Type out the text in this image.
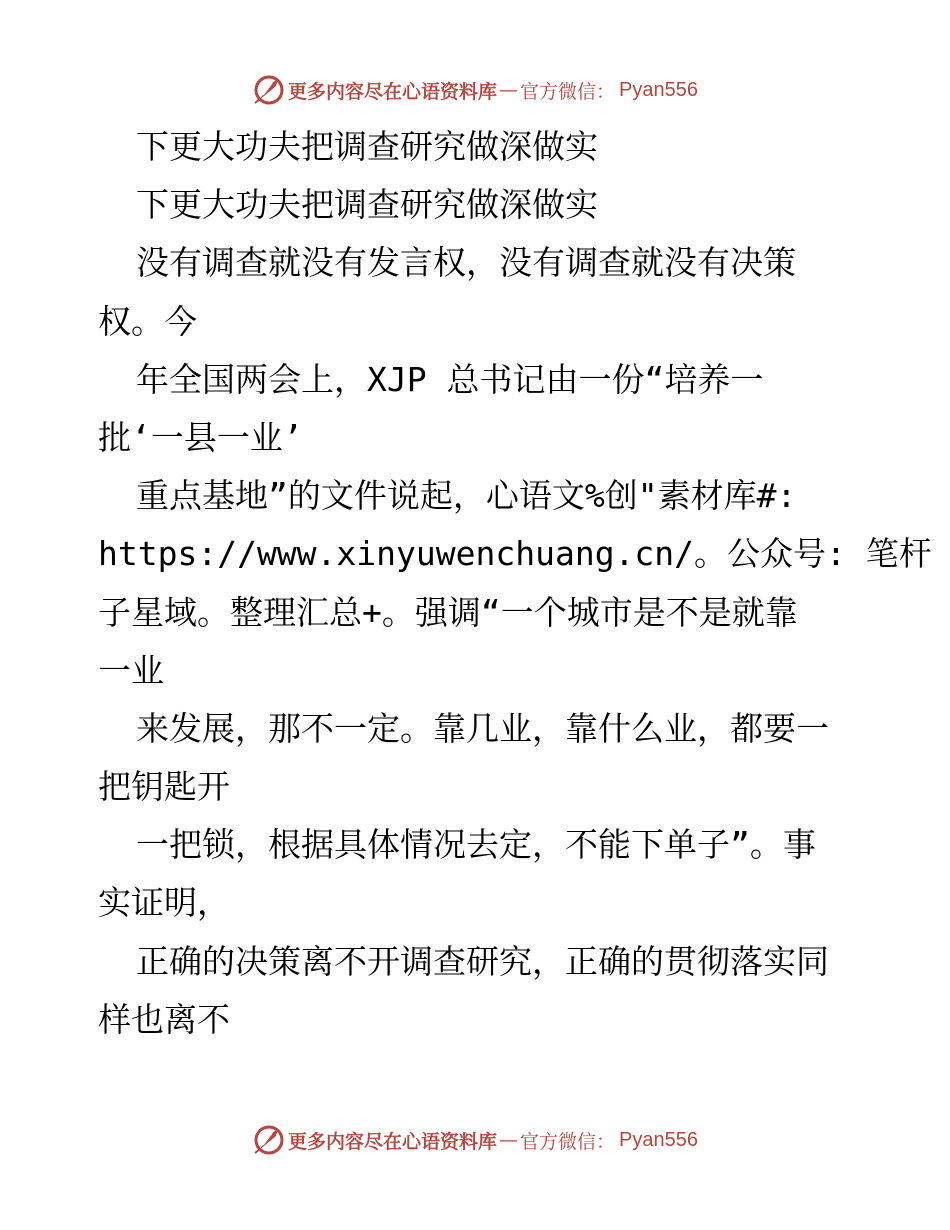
更多内容尽在心语资料库 — 官方微信： Pyan556
下更大功夫把调查研究做深做实
下更大功夫把调查研究做深做实
没有调查就没有发言权，没有调查就没有决策
权。今
年全国两会上，XJP 总书记由一份“培养一
批‘一县一业’
重点基地”的文件说起，心语文%创"素材库#:
https://www.xinyuwenchuang.cn/。公众号: 笔杆
子星域。整理汇总+。强调“一个城市是不是就靠
一业
来发展，那不一定。靠几业，靠什么业，都要一
把钥匙开
一把锁，根据具体情况去定，不能下单子”。事
实证明，
正确的决策离不开调查研究，正确的贯彻落实同
样也离不
更多内容尽在心语资料库 — 官方微信： Pyan556
